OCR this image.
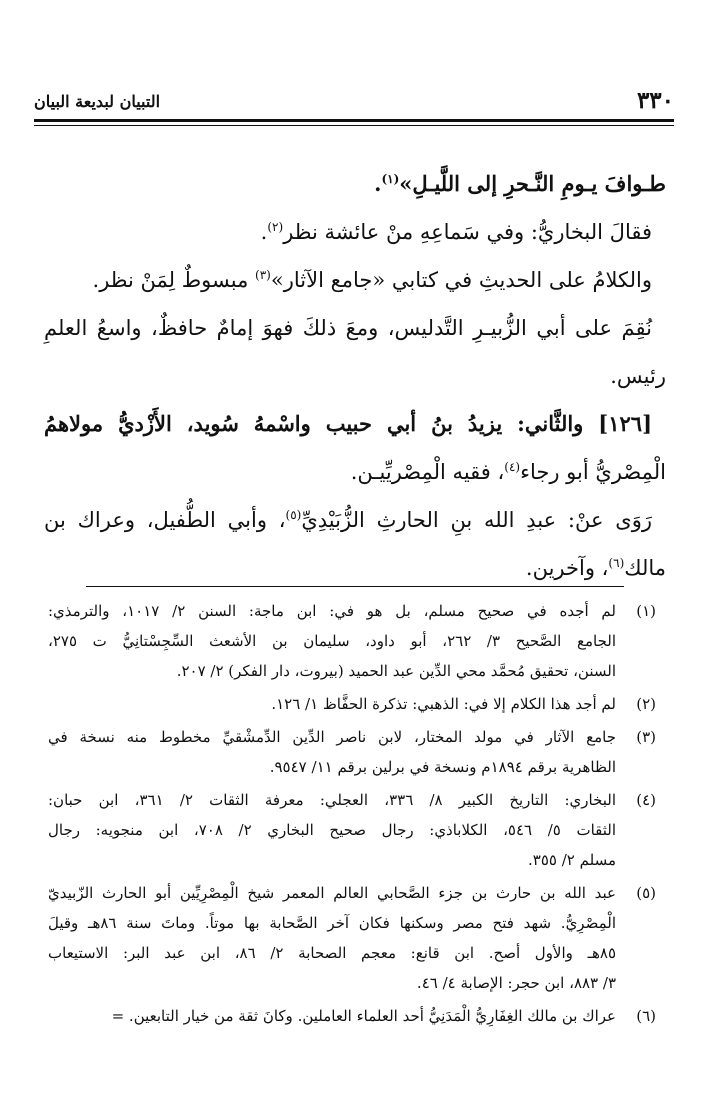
٣٣٠
التبيان لبديعة البيان
طـوافَ يـومِ النَّـحرِ إلى اللَّيـلِ»$^{(١)}$.
فقالَ البخاريُّ: وفي سَماعِهِ منْ عائشة نظر$^{(٢)}$.
والكلامُ على الحديثِ في كتابي «جامع الآثار»$^{(٣)}$ مبسوطٌ لِمَنْ نظر.
نُقِمَ على أبي الزُّبيـرِ التَّدليس، ومعَ ذلكَ فهوَ إمامٌ حافظٌ، واسعُ العلمِ
رئيس.
[١٢٦] والثَّاني: يزيدُ بنُ أبي حبيب واسْمهُ سُويد، الأَزْديُّ مولاهمُ
الْمِصْريُّ أبو رجاء$^{(٤)}$، فقيه الْمِصْريِّيـن.
رَوَى عنْ: عبدِ الله بنِ الحارثِ الزُّبَيْدِيِّ$^{(٥)}$، وأبي الطُّفيل، وعراك بن
مالك$^{(٦)}$، وآخرين.
(١)
لم أجده في صحيح مسلم، بل هو في: ابن ماجة: السنن ٢/ ١٠١٧، والترمذي:
الجامع الصَّحيح ٣/ ٢٦٢، أبو داود، سليمان بن الأشعث السِّجِسْتانِيُّ ت ٢٧٥،
السنن، تحقيق مُحمَّد محي الدِّين عبد الحميد (بيروت، دار الفكر) ٢/ ٢٠٧.
(٢)
لم أجد هذا الكلام إلا في: الذهبي: تذكرة الحفَّاظ ١/ ١٢٦.
(٣)
جامع الآثار في مولد المختار، لابن ناصر الدِّين الدِّمشْقيِّ مخطوط منه نسخة في
الظاهرية برقم ١٨٩٤م ونسخة في برلين برقم ١١/ ٩٥٤٧.
(٤)
البخاري: التاريخ الكبير ٨/ ٣٣٦، العجلي: معرفة الثقات ٢/ ٣٦١، ابن حبان:
الثقات ٥/ ٥٤٦، الكلاباذي: رجال صحيح البخاري ٢/ ٧٠٨، ابن منجويه: رجال
مسلم ٢/ ٣٥٥.
(٥)
عبد الله بن حارث بن جزء الصَّحابي العالم المعمر شيخ الْمِصْرِيِّين أبو الحارث الزّبيديّ
الْمِصْرِيُّ. شهد فتح مصر وسكنها فكان آخر الصَّحابة بها موتاً. وماتَ سنة ٨٦هـ وقيلَ
٨٥هـ والأول أصح. ابن قانع: معجم الصحابة ٢/ ٨٦، ابن عبد البر: الاستيعاب
٣/ ٨٨٣، ابن حجر: الإصابة ٤/ ٤٦.
(٦)
عراك بن مالك الغِفَارِيُّ الْمَدَنِيُّ أحد العلماء العاملين. وكانَ ثقة من خيار التابعين. =
